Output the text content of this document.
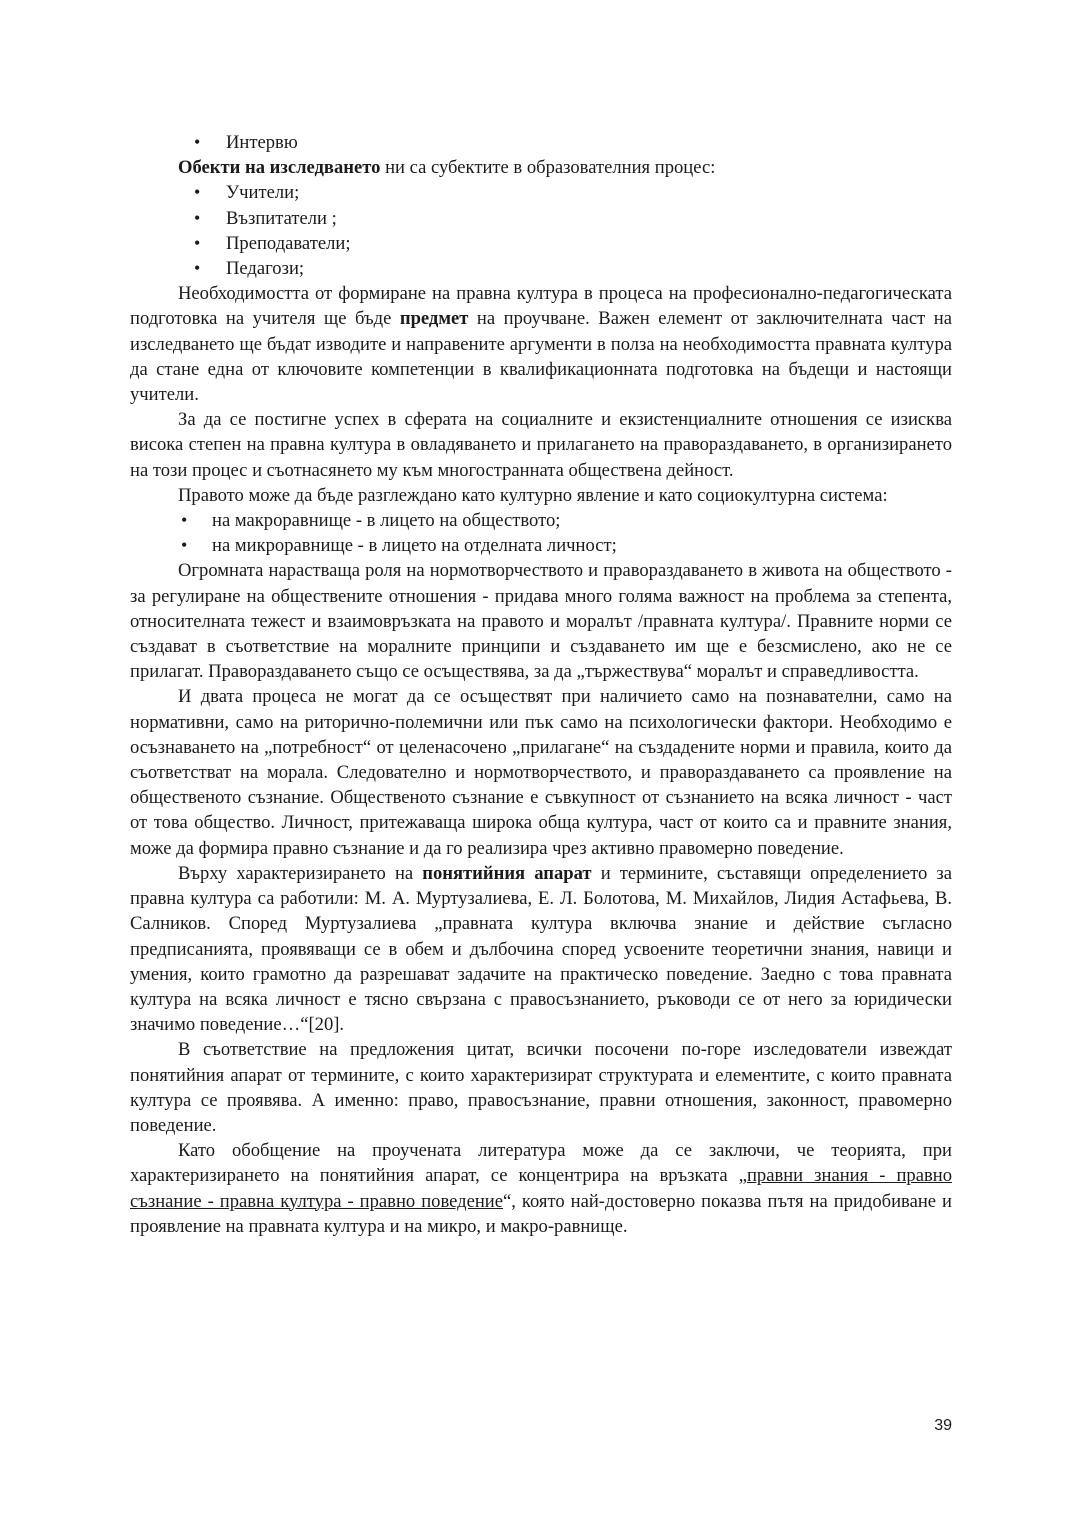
• Интервю

Обекти на изследването ни са субектите в образователния процес:

• Учители;
• Възпитатели ;
• Преподаватели;
• Педагози;

Необходимостта от формиране на правна култура в процеса на професионално-педагогическата подготовка на учителя ще бъде предмет на проучване. Важен елемент от заключителната част на изследването ще бъдат изводите и направените аргументи в полза на необходимостта правната култура да стане една от ключовите компетенции в квалификационната подготовка на бъдещи и настоящи учители.

За да се постигне успех в сферата на социалните и екзистенциалните отношения се изисква висока степен на правна култура в овладяването и прилагането на правораздаването, в организирането на този процес и съотнасянето му към многостранната обществена дейност.

Правото може да бъде разглеждано като културно явление и като социокултурна система:

• на макроравнище - в лицето на обществото;
• на микроравнище - в лицето на отделната личност;

Огромната нарастваща роля на нормотворчеството и правораздаването в живота на обществото - за регулиране на обществените отношения - придава много голяма важност на проблема за степента, относителната тежест и взаимовръзката на правото и моралът /правната култура/. Правните норми се създават в съответствие на моралните принципи и създаването им ще е безсмислено, ако не се прилагат. Правораздаването също се осъществява, за да „тържествува“ моралът и справедливостта.

И двата процеса не могат да се осъществят при наличието само на познавателни, само на нормативни, само на риторично-полемични или пък само на психологически фактори. Необходимо е осъзнаването на „потребност“ от целенасочено „прилагане“ на създадените норми и правила, които да съответстват на морала. Следователно и нормотворчеството, и правораздаването са проявление на общественото съзнание. Общественото съзнание е съвкупност от съзнанието на всяка личност - част от това общество. Личност, притежаваща широка обща култура, част от които са и правните знания, може да формира правно съзнание и да го реализира чрез активно правомерно поведение.

Върху характеризирането на понятийния апарат и термините, съставящи определението за правна култура са работили: М. А. Муртузалиева, Е. Л. Болотова, М. Михайлов, Лидия Астафьева, В. Салников. Според Муртузалиева „правната култура включва знание и действие съгласно предписанията, проявяващи се в обем и дълбочина според усвоените теоретични знания, навици и умения, които грамотно да разрешават задачите на практическо поведение. Заедно с това правната култура на всяка личност е тясно свързана с правосъзнанието, ръководи се от него за юридически значимо поведение…“[20].

В съответствие на предложения цитат, всички посочени по-горе изследователи извеждат понятийния апарат от термините, с които характеризират структурата и елементите, с които правната култура се проявява. А именно: право, правосъзнание, правни отношения, законност, правомерно поведение.

Като обобщение на проучената литература може да се заключи, че теорията, при характеризирането на понятийния апарат, се концентрира на връзката „правни знания - правно съзнание - правна култура - правно поведение“, която най-достоверно показва пътя на придобиване и проявление на правната култура и на микро, и макро-равнище.

39
